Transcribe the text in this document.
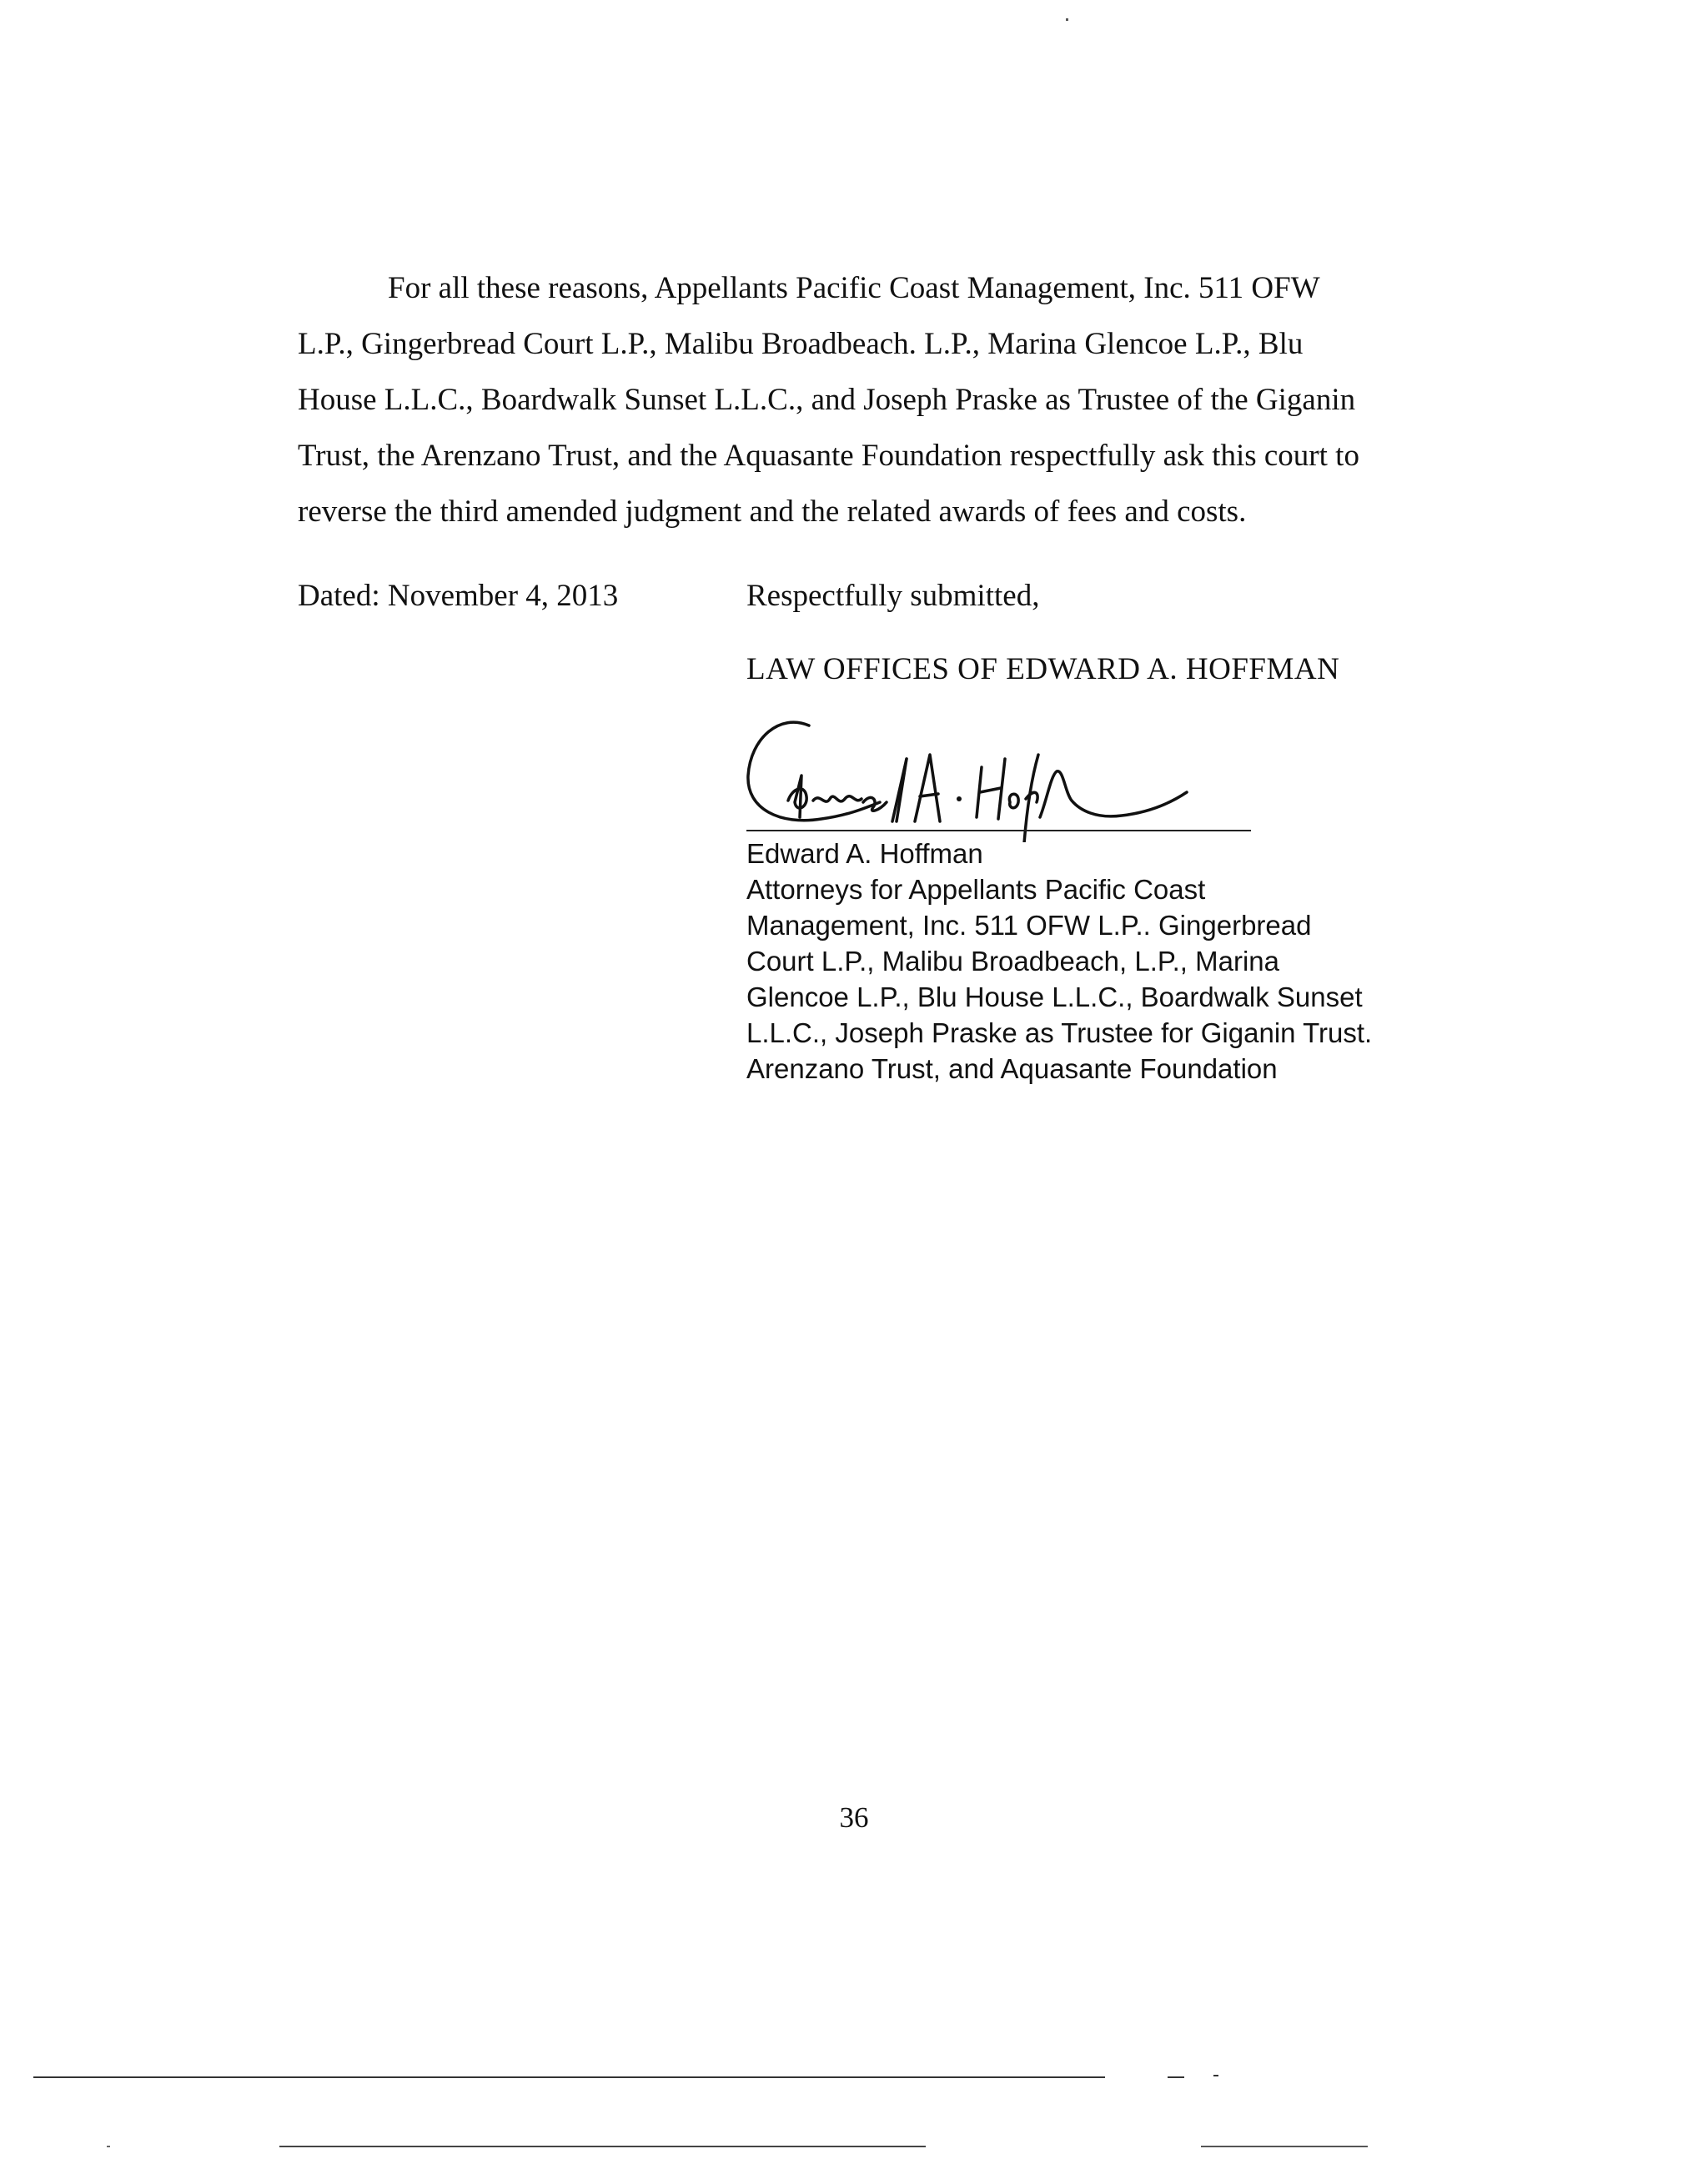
For all these reasons, Appellants Pacific Coast Management, Inc. 511 OFW
L.P., Gingerbread Court L.P., Malibu Broadbeach. L.P., Marina Glencoe L.P., Blu
House L.L.C., Boardwalk Sunset L.L.C., and Joseph Praske as Trustee of the Giganin
Trust, the Arenzano Trust, and the Aquasante Foundation respectfully ask this court to
reverse the third amended judgment and the related awards of fees and costs.

Dated: November 4, 2013	Respectfully submitted,
LAW OFFICES OF EDWARD A. HOFFMAN
Edward A. Hoffman
Attorneys for Appellants Pacific Coast
Management, Inc. 511 OFW L.P.. Gingerbread
Court L.P., Malibu Broadbeach, L.P., Marina
Glencoe L.P., Blu House L.L.C., Boardwalk Sunset
L.L.C., Joseph Praske as Trustee for Giganin Trust.
Arenzano Trust, and Aquasante Foundation
36
